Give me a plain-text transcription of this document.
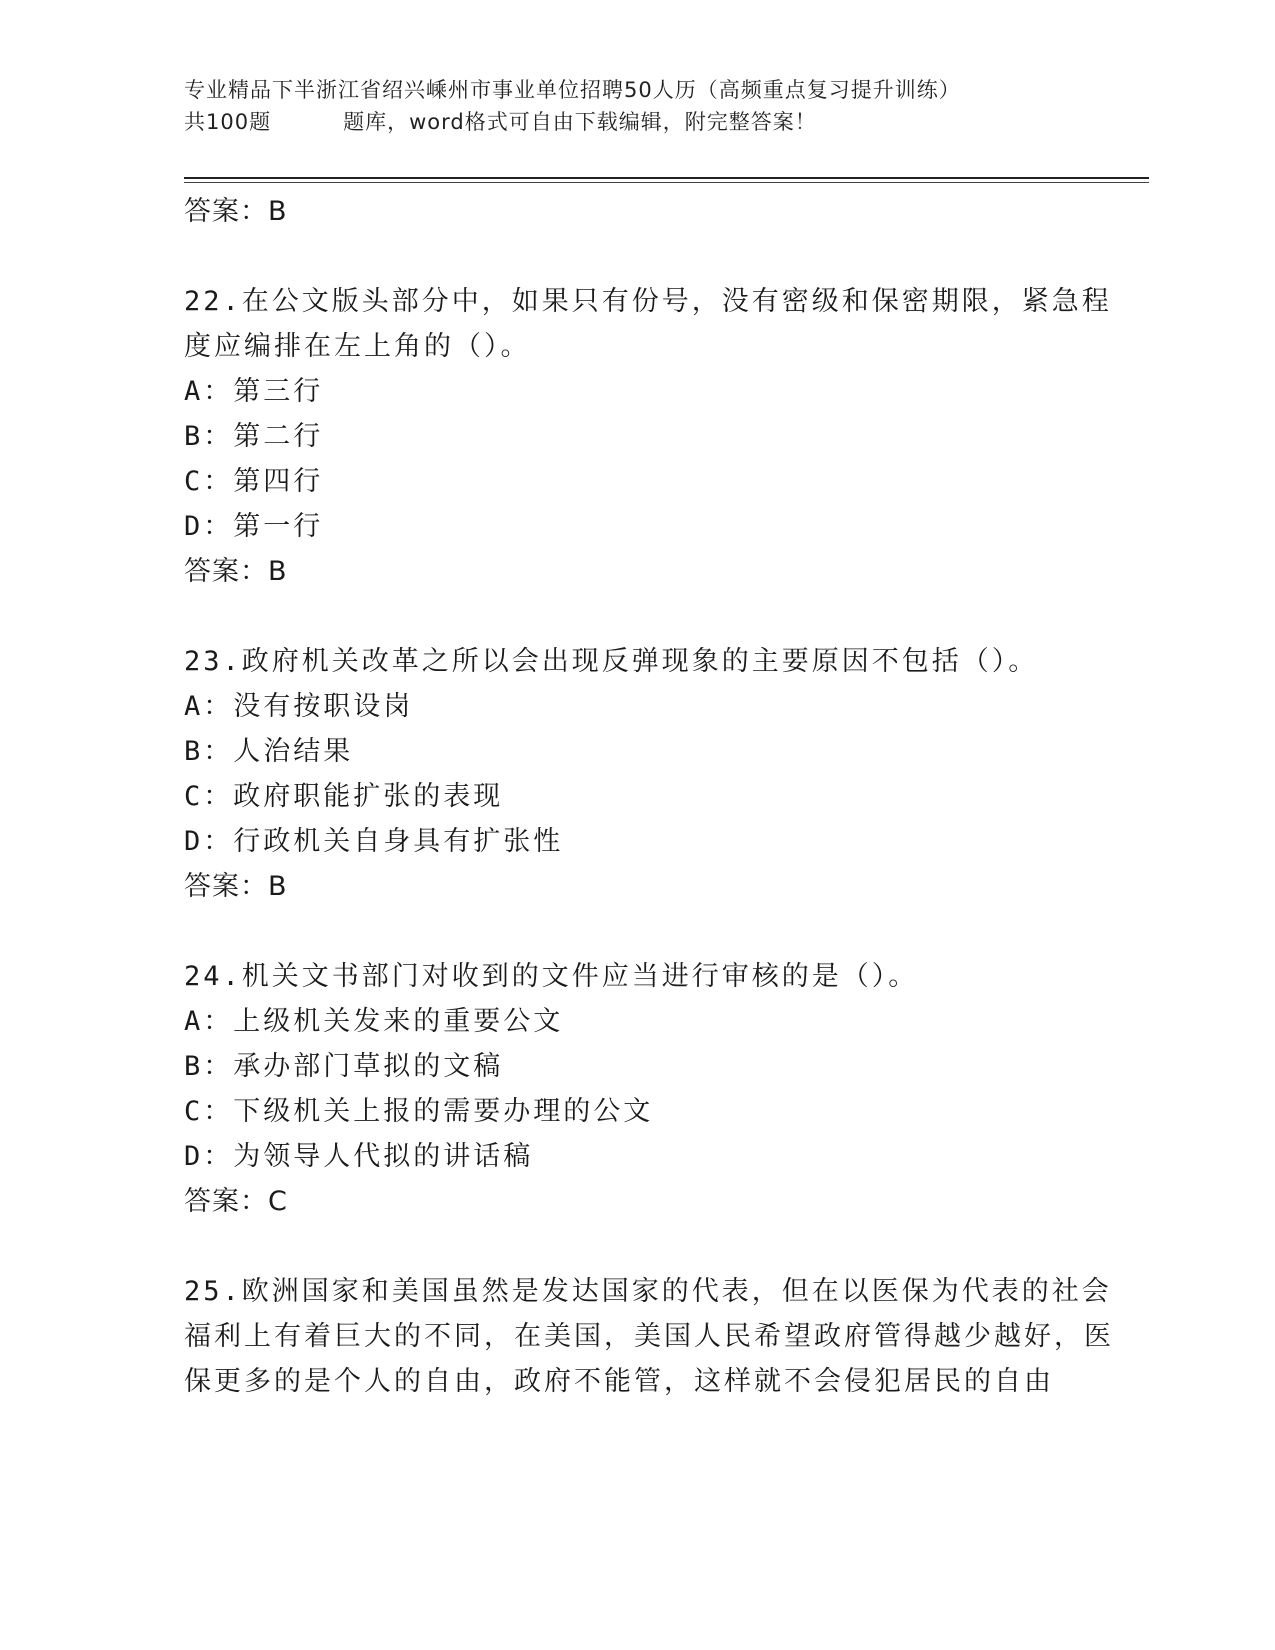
专业精品下半浙江省绍兴嵊州市事业单位招聘50人历（高频重点复习提升训练）
共100题	题库，word格式可自由下载编辑，附完整答案！
答案：B
22.在公文版头部分中，如果只有份号，没有密级和保密期限，紧急程度应编排在左上角的（）。
A：第三行
B：第二行
C：第四行
D：第一行
答案：B
23.政府机关改革之所以会出现反弹现象的主要原因不包括（）。
A：没有按职设岗
B：人治结果
C：政府职能扩张的表现
D：行政机关自身具有扩张性
答案：B
24.机关文书部门对收到的文件应当进行审核的是（）。
A：上级机关发来的重要公文
B：承办部门草拟的文稿
C：下级机关上报的需要办理的公文
D：为领导人代拟的讲话稿
答案：C
25.欧洲国家和美国虽然是发达国家的代表，但在以医保为代表的社会福利上有着巨大的不同，在美国，美国人民希望政府管得越少越好，医保更多的是个人的自由，政府不能管，这样就不会侵犯居民的自由
